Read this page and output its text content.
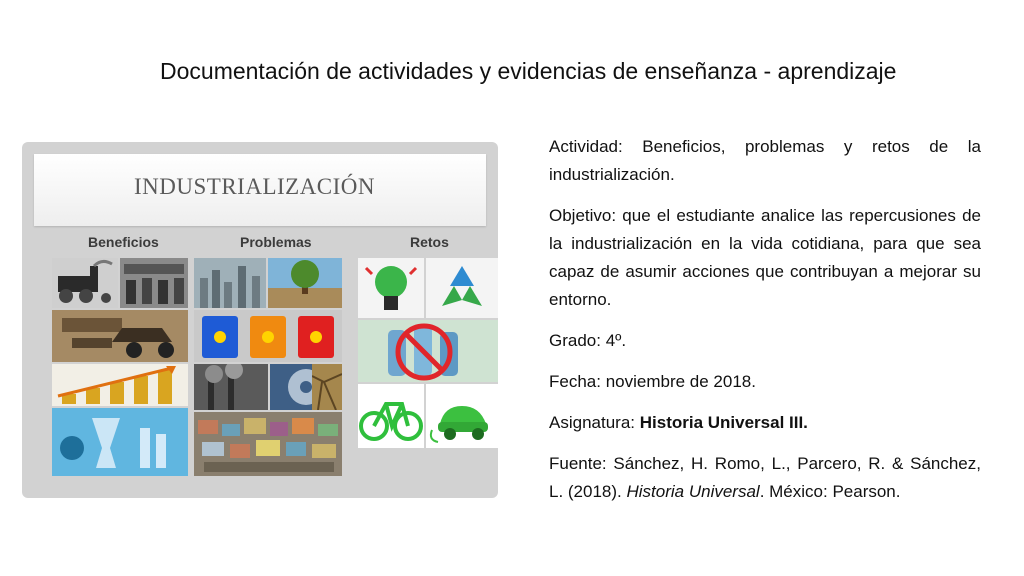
Documentación de actividades y evidencias de enseñanza - aprendizaje
INDUSTRIALIZACIÓN
Beneficios	Problemas	Retos

Actividad: Beneficios, problemas y retos de la industrialización.

Objetivo: que el estudiante analice las repercusiones de la industrialización en la vida cotidiana, para que sea capaz de asumir acciones que contribuyan a mejorar su entorno.

Grado: 4º.

Fecha: noviembre de 2018.

Asignatura: Historia Universal III.

Fuente: Sánchez, H. Romo, L., Parcero, R. & Sánchez, L. (2018). Historia Universal. México: Pearson.
